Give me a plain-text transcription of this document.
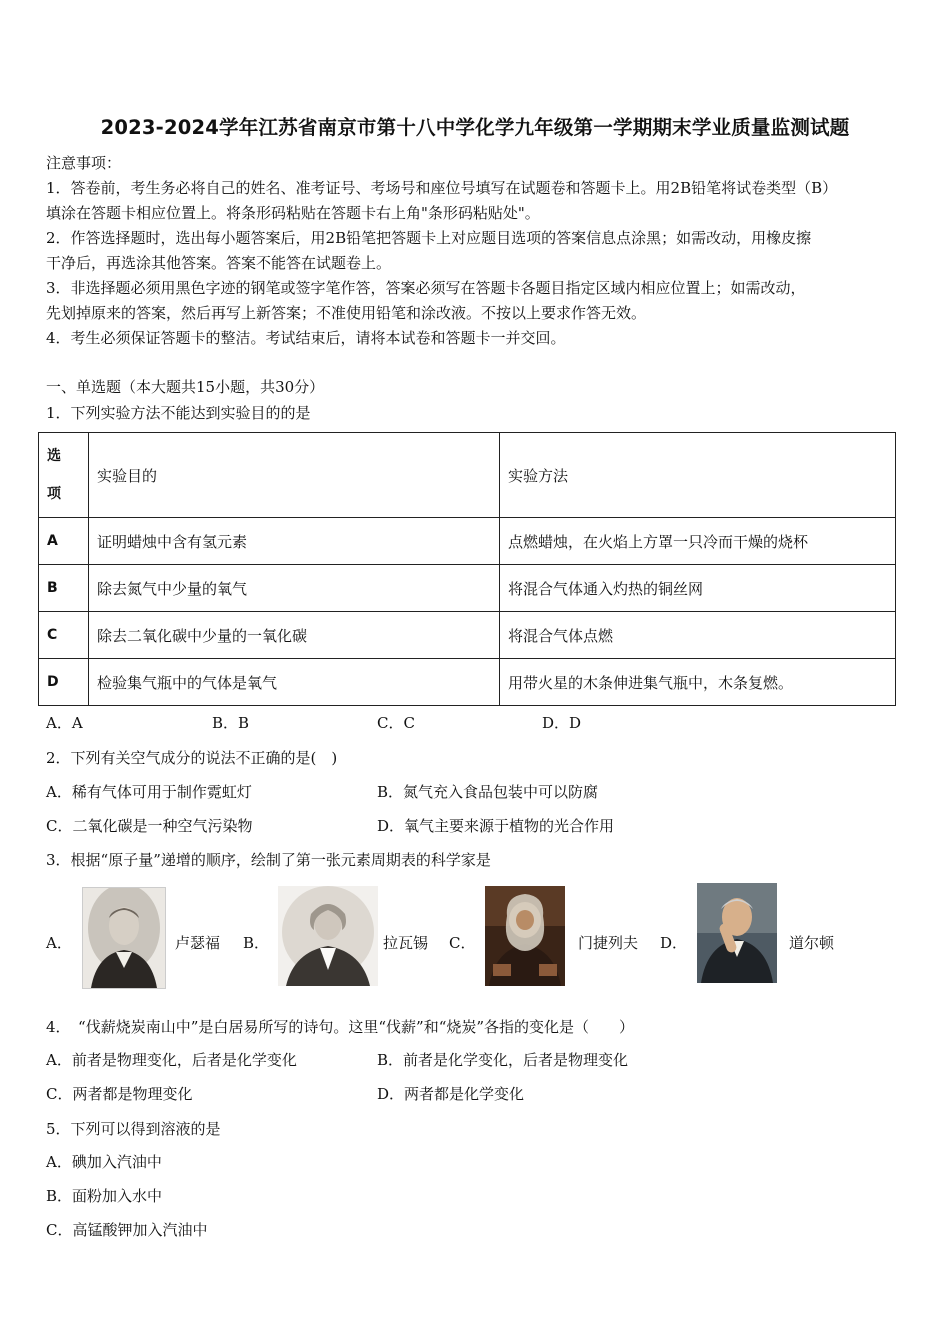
2023-2024学年江苏省南京市第十八中学化学九年级第一学期期末学业质量监测试题
注意事项：
1．答卷前，考生务必将自己的姓名、准考证号、考场号和座位号填写在试题卷和答题卡上。用2B铅笔将试卷类型（B）
填涂在答题卡相应位置上。将条形码粘贴在答题卡右上角"条形码粘贴处"。
2．作答选择题时，选出每小题答案后，用2B铅笔把答题卡上对应题目选项的答案信息点涂黑；如需改动，用橡皮擦
干净后，再选涂其他答案。答案不能答在试题卷上。
3．非选择题必须用黑色字迹的钢笔或签字笔作答，答案必须写在答题卡各题目指定区域内相应位置上；如需改动，
先划掉原来的答案，然后再写上新答案；不准使用铅笔和涂改液。不按以上要求作答无效。
4．考生必须保证答题卡的整洁。考试结束后，请将本试卷和答题卡一并交回。
一、单选题（本大题共15小题，共30分）
1．下列实验方法不能达到实验目的的是
选
项	实验目的	实验方法
A	证明蜡烛中含有氢元素	点燃蜡烛，在火焰上方罩一只冷而干燥的烧杯
B	除去氮气中少量的氧气	将混合气体通入灼热的铜丝网
C	除去二氧化碳中少量的一氧化碳	将混合气体点燃
D	检验集气瓶中的气体是氧气	用带火星的木条伸进集气瓶中，木条复燃。
A．A	B．B	C．C	D．D
2．下列有关空气成分的说法不正确的是(　)
A．稀有气体可用于制作霓虹灯	B．氮气充入食品包装中可以防腐
C．二氧化碳是一种空气污染物	D．氧气主要来源于植物的光合作用
3．根据“原子量”递增的顺序，绘制了第一张元素周期表的科学家是
A．	卢瑟福 B．	拉瓦锡 C．	门捷列夫 D．	道尔顿
4．　“伐薪烧炭南山中”是白居易所写的诗句。这里“伐薪”和“烧炭”各指的变化是（　　）
A．前者是物理变化，后者是化学变化	B．前者是化学变化，后者是物理变化
C．两者都是物理变化	D．两者都是化学变化
5．下列可以得到溶液的是
A．碘加入汽油中
B．面粉加入水中
C．高锰酸钾加入汽油中
